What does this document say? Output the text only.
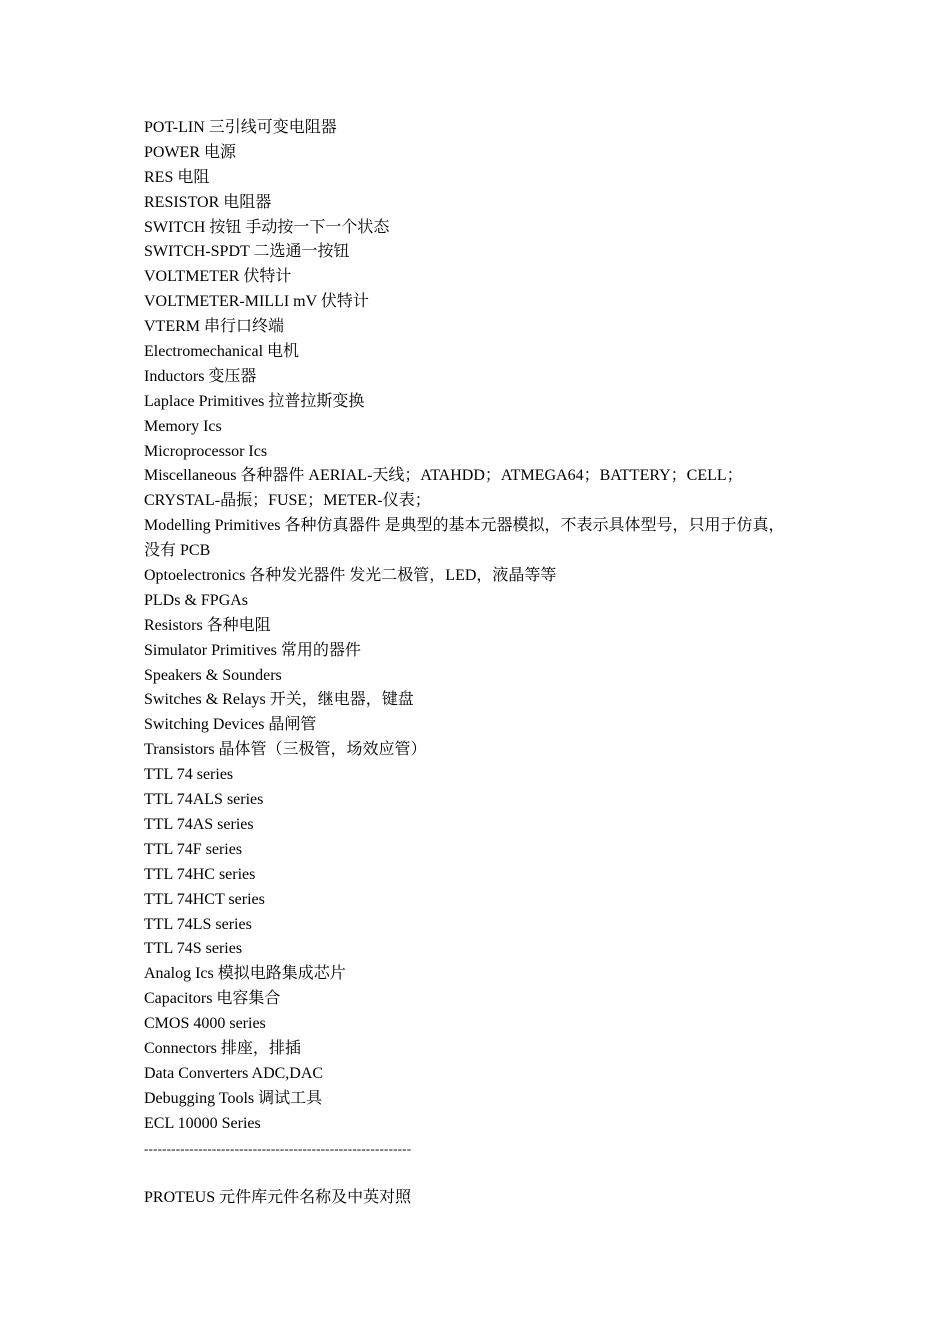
POT-LIN 三引线可变电阻器
POWER 电源
RES 电阻
RESISTOR 电阻器
SWITCH 按钮 手动按一下一个状态
SWITCH-SPDT 二选通一按钮
VOLTMETER 伏特计
VOLTMETER-MILLI mV 伏特计
VTERM 串行口终端
Electromechanical 电机
Inductors 变压器
Laplace Primitives 拉普拉斯变换
Memory Ics
Microprocessor Ics
Miscellaneous 各种器件 AERIAL-天线；ATAHDD；ATMEGA64；BATTERY；CELL；
CRYSTAL-晶振；FUSE；METER-仪表；
Modelling Primitives 各种仿真器件 是典型的基本元器模拟，不表示具体型号，只用于仿真，
没有 PCB
Optoelectronics 各种发光器件 发光二极管，LED，液晶等等
PLDs & FPGAs
Resistors 各种电阻
Simulator Primitives 常用的器件
Speakers & Sounders
Switches & Relays 开关，继电器，键盘
Switching Devices 晶闸管
Transistors 晶体管（三极管，场效应管）
TTL 74 series
TTL 74ALS series
TTL 74AS series
TTL 74F series
TTL 74HC series
TTL 74HCT series
TTL 74LS series
TTL 74S series
Analog Ics 模拟电路集成芯片
Capacitors 电容集合
CMOS 4000 series
Connectors 排座，排插
Data Converters ADC,DAC
Debugging Tools 调试工具
ECL 10000 Series
-----------------------------------------------------------
PROTEUS 元件库元件名称及中英对照
